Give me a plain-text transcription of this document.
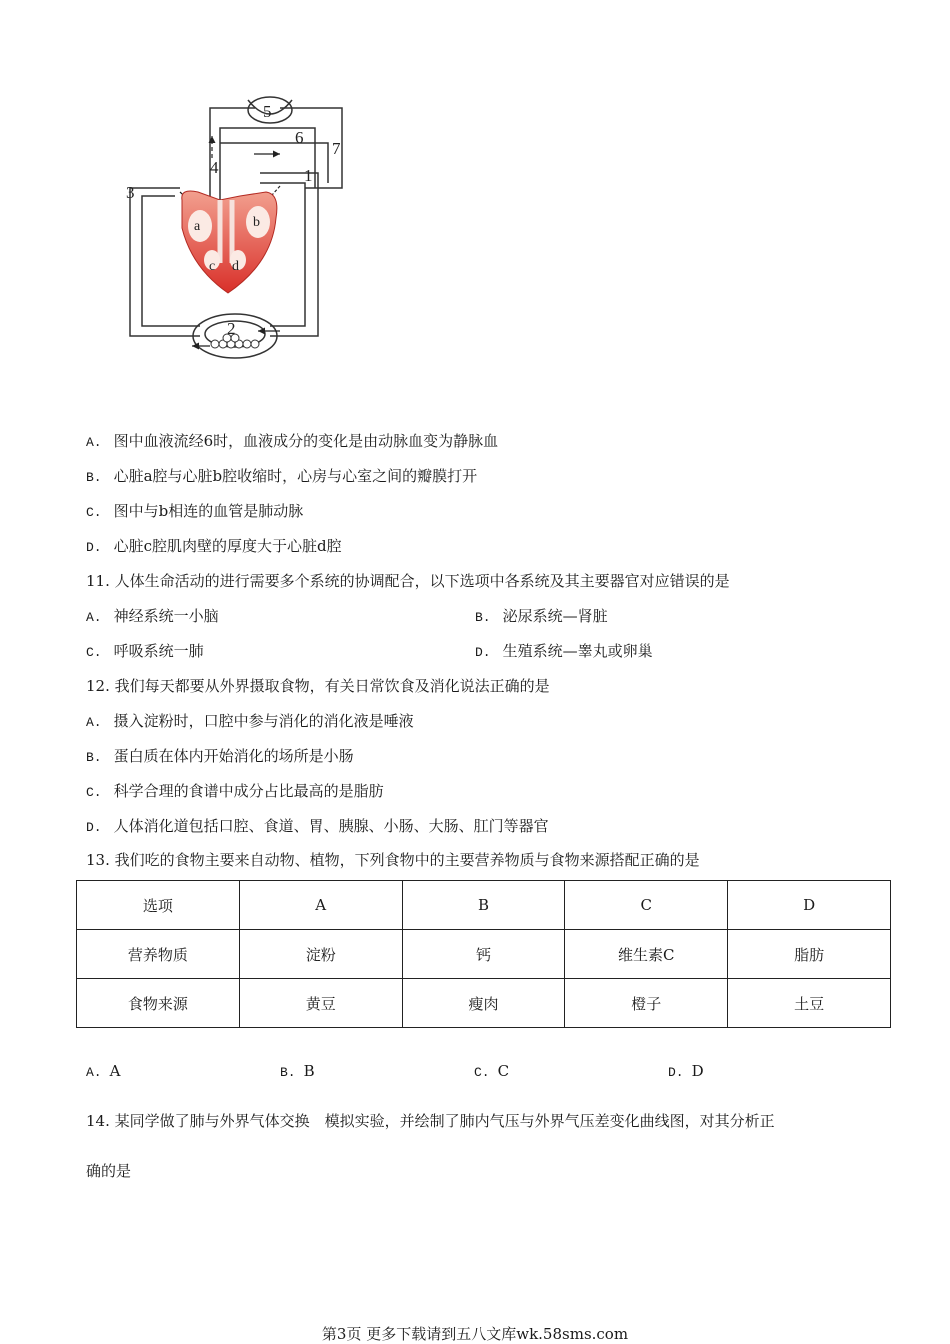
5
6
7
4	1
3
2
a	b
c d
A. 图中血液流经6时，血液成分的变化是由动脉血变为静脉血
B. 心脏a腔与心脏b腔收缩时，心房与心室之间的瓣膜打开
C. 图中与b相连的血管是肺动脉
D. 心脏c腔肌肉壁的厚度大于心脏d腔
11. 人体生命活动的进行需要多个系统的协调配合，以下选项中各系统及其主要器官对应错误的是
A. 神经系统一小脑	B. 泌尿系统—肾脏
C. 呼吸系统一肺	D. 生殖系统—睾丸或卵巢
12. 我们每天都要从外界摄取食物，有关日常饮食及消化说法正确的是
A. 摄入淀粉时，口腔中参与消化的消化液是唾液
B. 蛋白质在体内开始消化的场所是小肠
C. 科学合理的食谱中成分占比最高的是脂肪
D. 人体消化道包括口腔、食道、胃、胰腺、小肠、大肠、肛门等器官
13. 我们吃的食物主要来自动物、植物，下列食物中的主要营养物质与食物来源搭配正确的是
选项	A	B	C	D
营养物质	淀粉	钙	维生素C	脂肪
食物来源	黄豆	瘦肉	橙子	土豆
A. A	B. B	C. C	D. D
14. 某同学做了肺与外界气体交换　模拟实验，并绘制了肺内气压与外界气压差变化曲线图，对其分析正
确的是
第3页 更多下载请到五八文库wk.58sms.com
